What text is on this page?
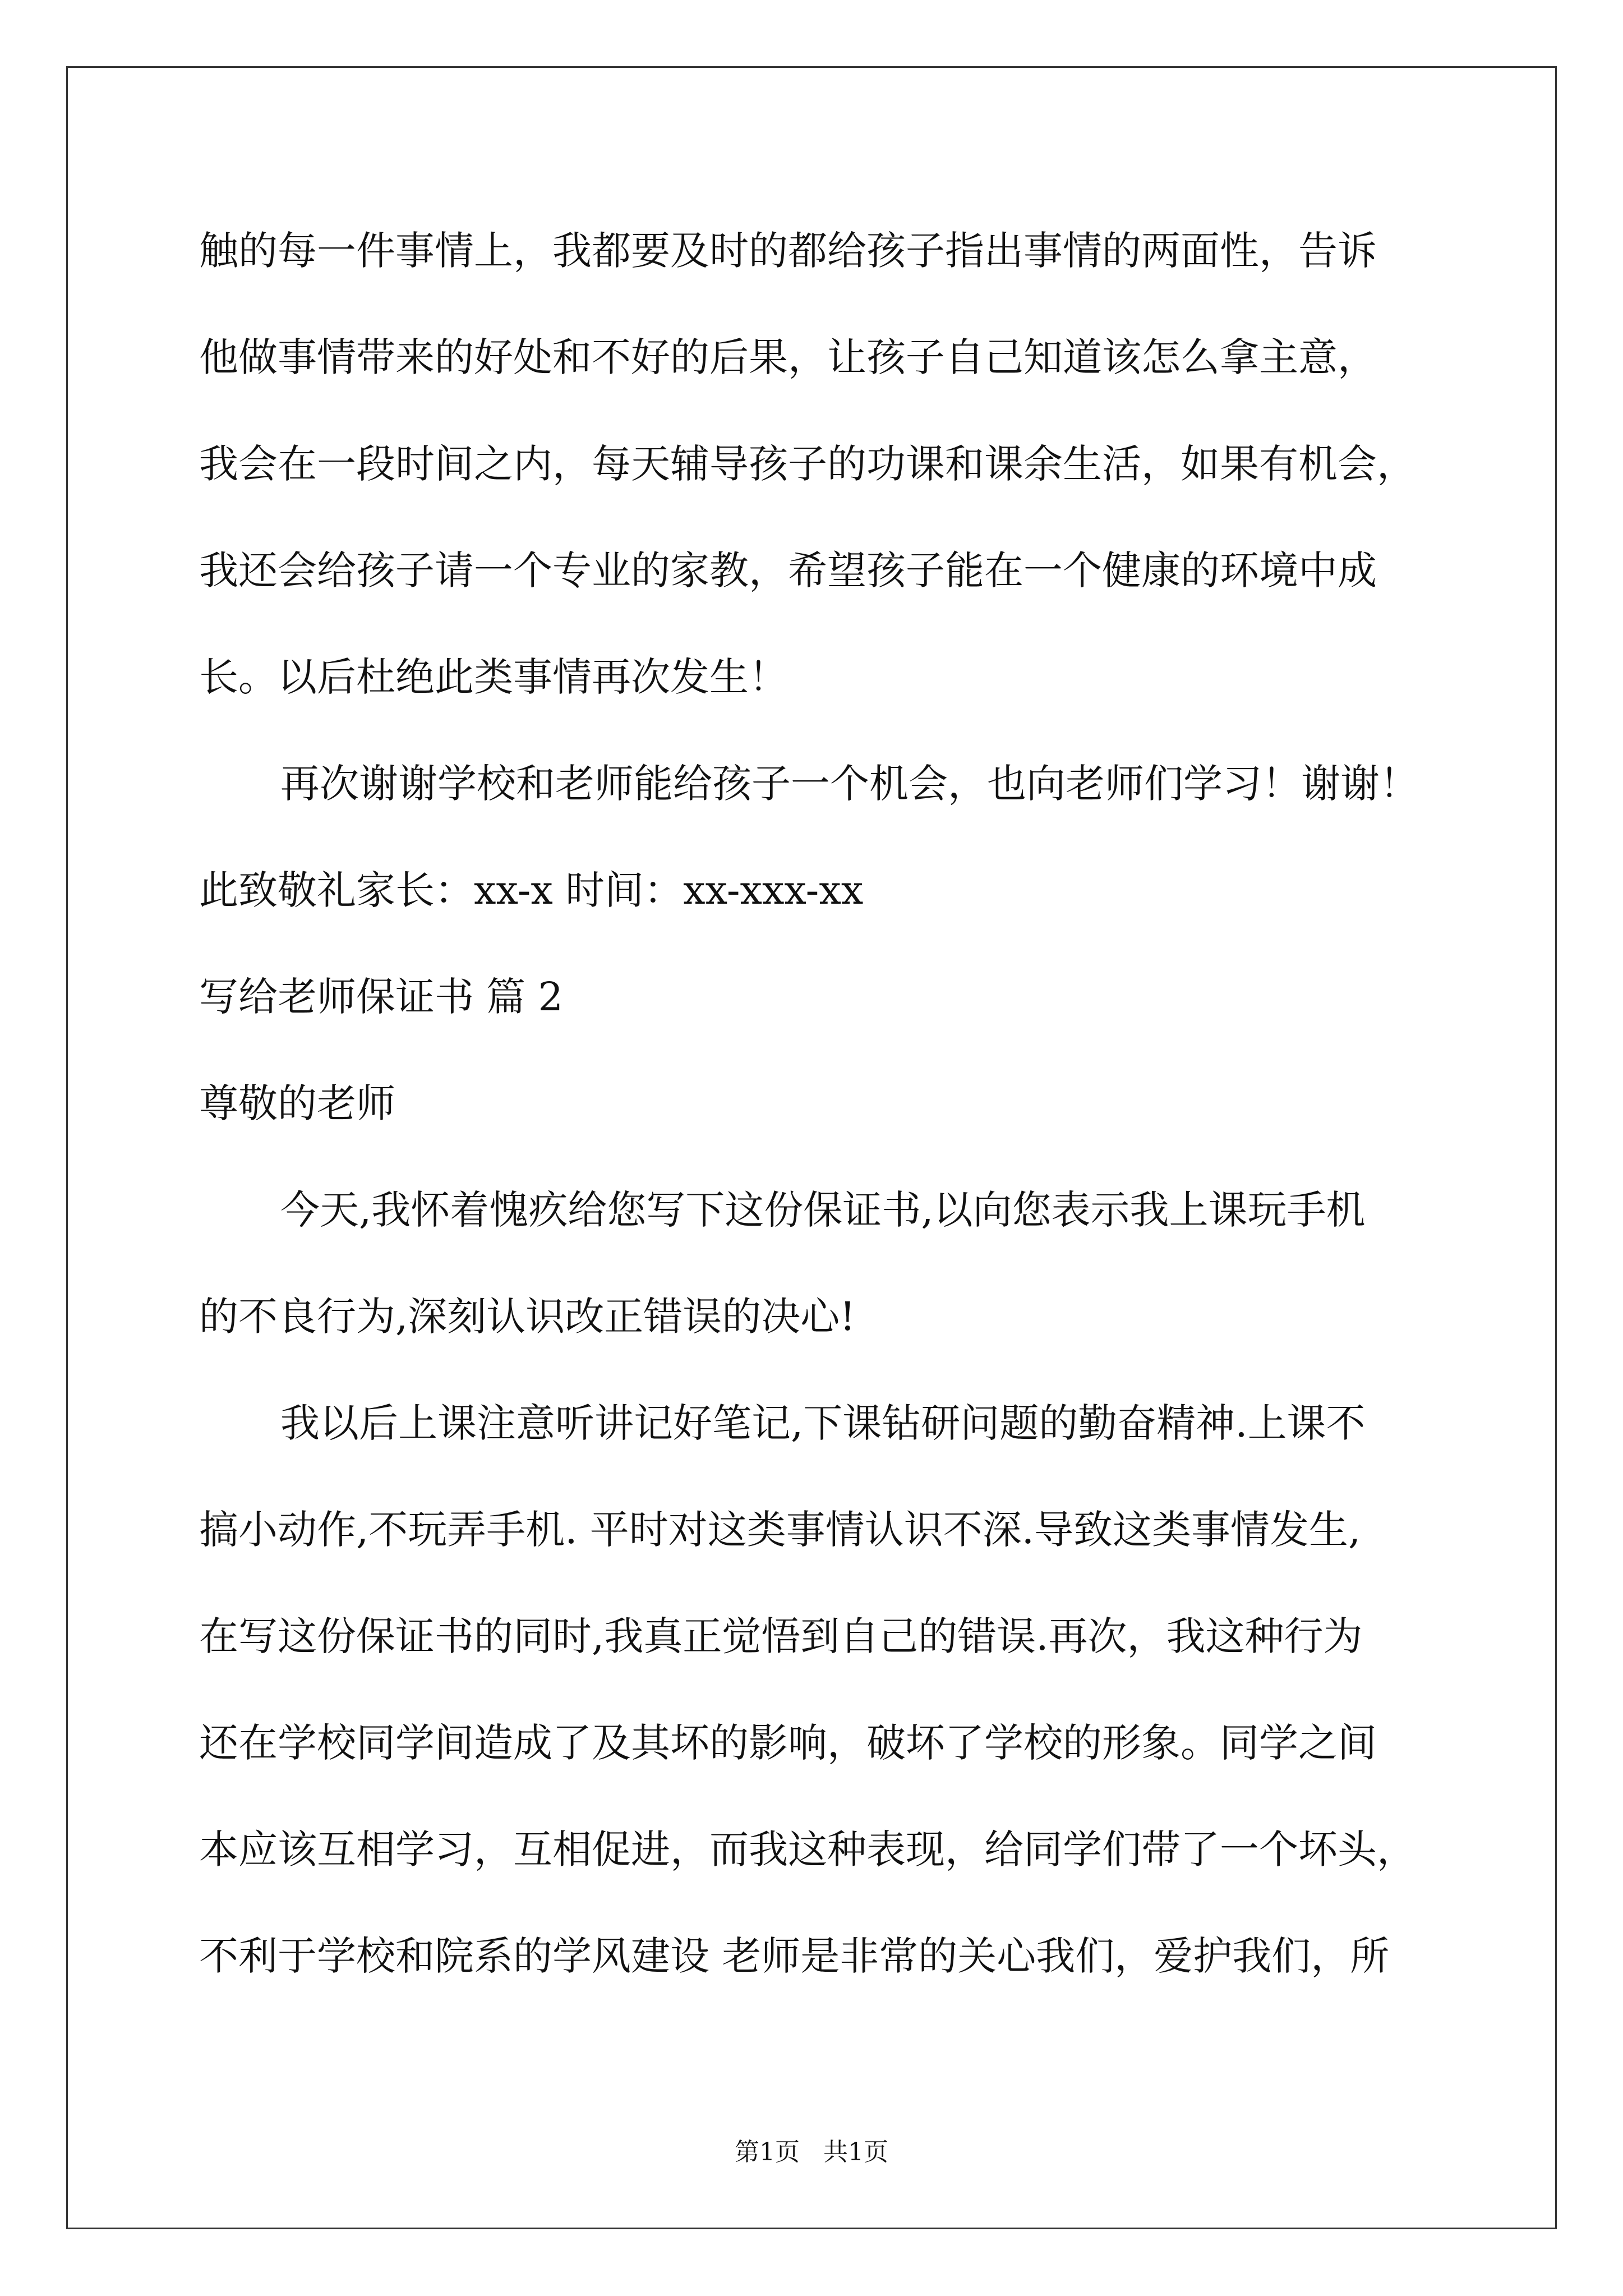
触的每一件事情上，我都要及时的都给孩子指出事情的两面性，告诉

他做事情带来的好处和不好的后果，让孩子自己知道该怎么拿主意，

我会在一段时间之内，每天辅导孩子的功课和课余生活，如果有机会，

我还会给孩子请一个专业的家教，希望孩子能在一个健康的环境中成

长。以后杜绝此类事情再次发生！

再次谢谢学校和老师能给孩子一个机会，也向老师们学习！谢谢！

此致敬礼家长：xx-x 时间：xx-xxx-xx

写给老师保证书 篇 2

尊敬的老师

今天,我怀着愧疚给您写下这份保证书,以向您表示我上课玩手机

的不良行为,深刻认识改正错误的决心!

我以后上课注意听讲记好笔记,下课钻研问题的勤奋精神.上课不

搞小动作,不玩弄手机. 平时对这类事情认识不深.导致这类事情发生,

在写这份保证书的同时,我真正觉悟到自己的错误.再次，我这种行为

还在学校同学间造成了及其坏的影响，破坏了学校的形象。同学之间

本应该互相学习，互相促进，而我这种表现，给同学们带了一个坏头，

不利于学校和院系的学风建设 老师是非常的关心我们，爱护我们，所

第1页   共1页
